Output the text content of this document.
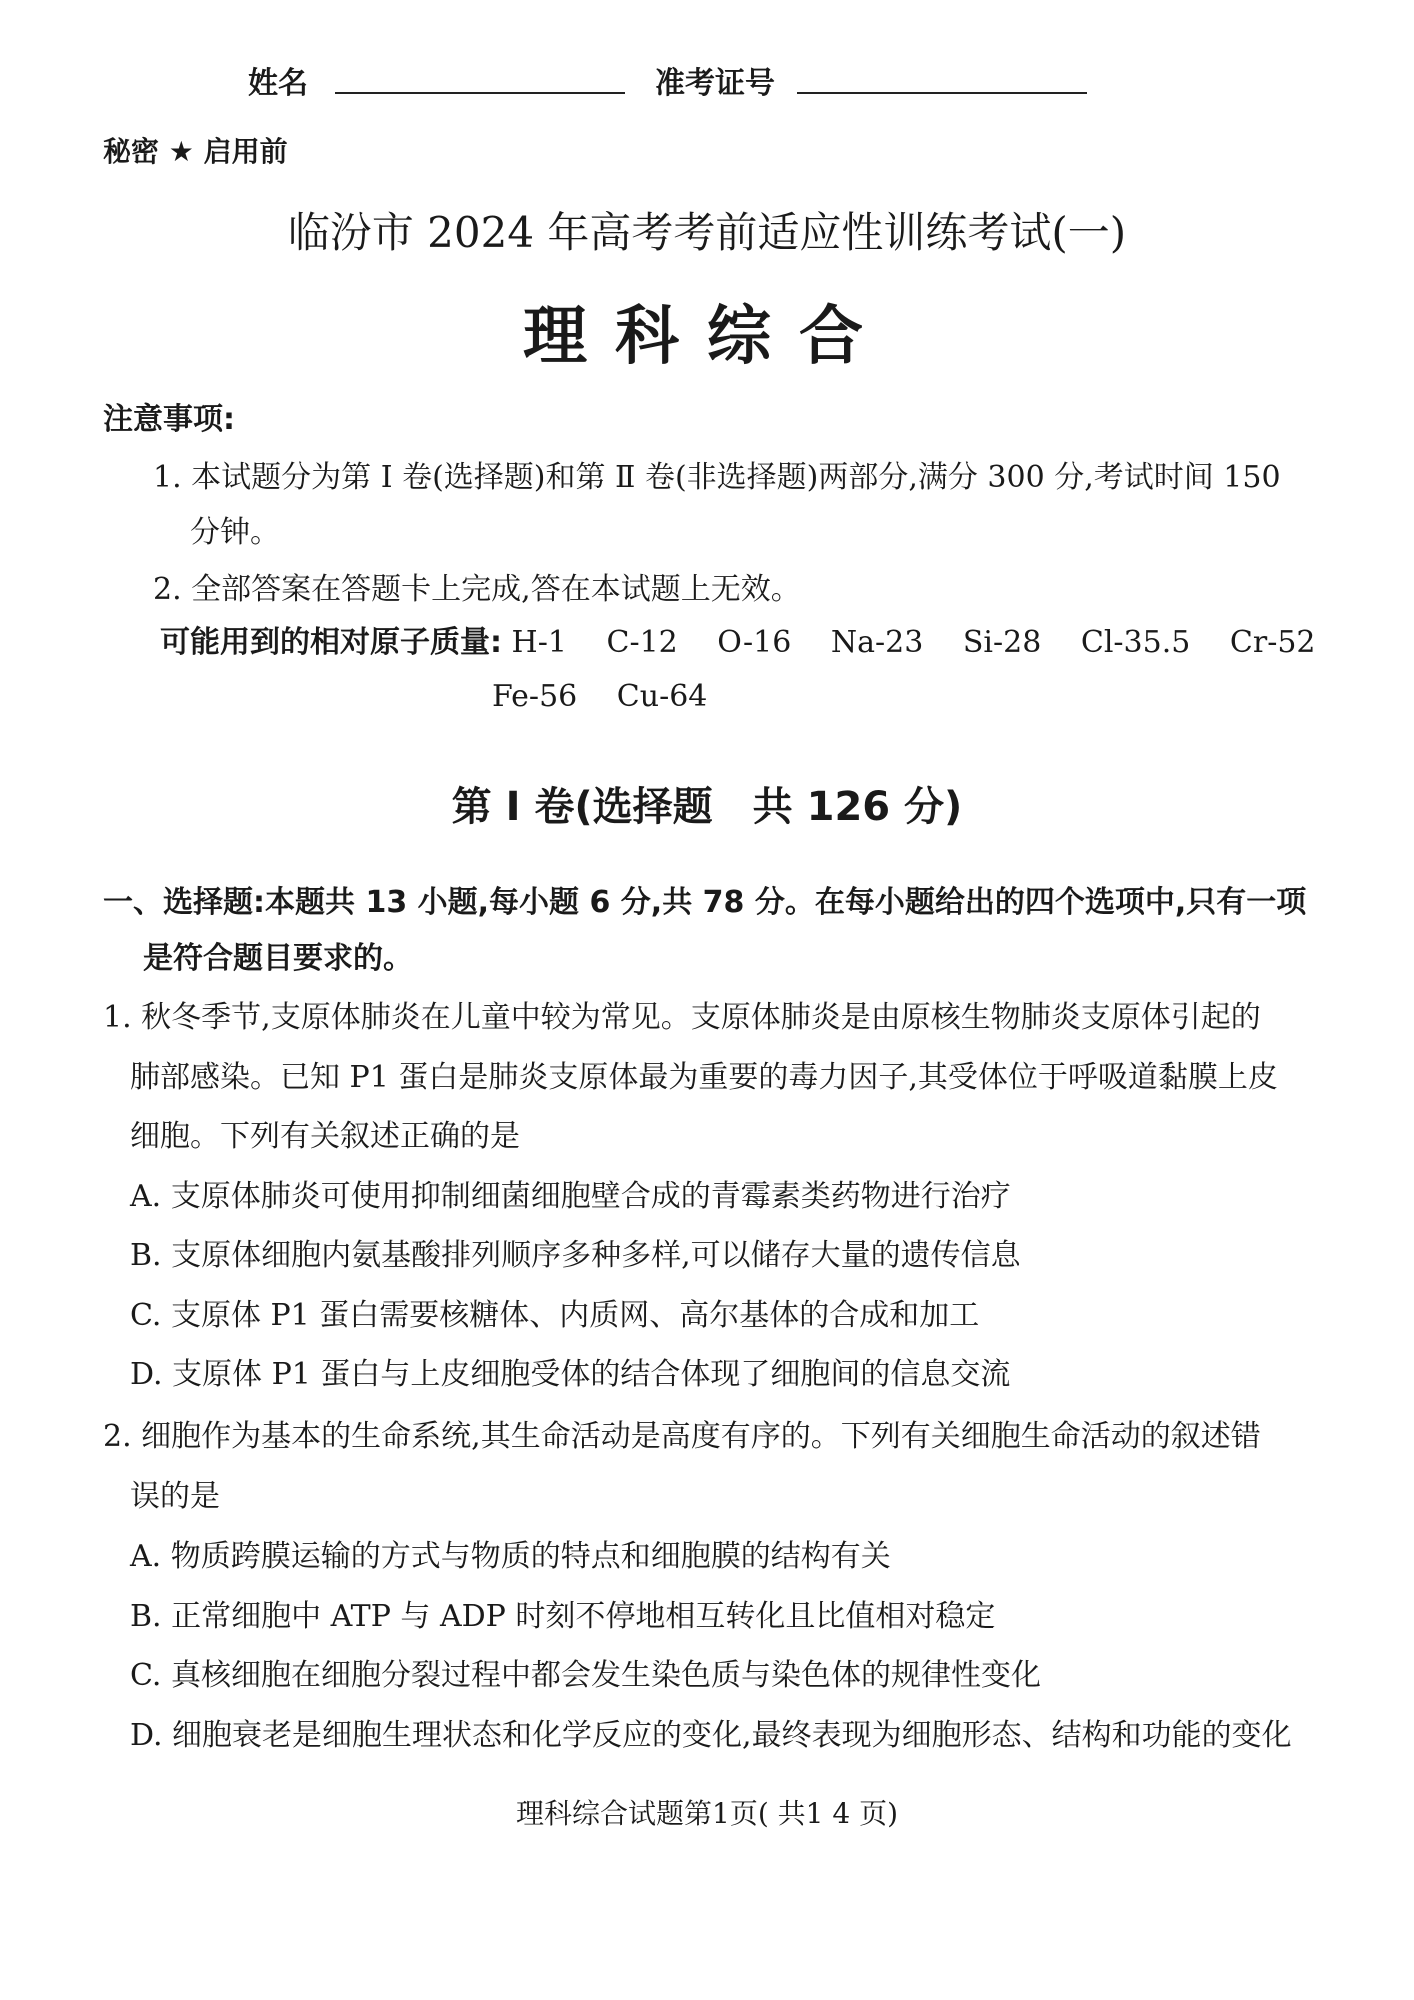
姓名	准考证号
秘密 ★ 启用前
临汾市 2024 年高考考前适应性训练考试(一)
理科综合
注意事项:
1. 本试题分为第 Ⅰ 卷(选择题)和第 Ⅱ 卷(非选择题)两部分,满分 300 分,考试时间 150
分钟。
2. 全部答案在答题卡上完成,答在本试题上无效。
可能用到的相对原子质量: H-1 C-12 O-16 Na-23 Si-28 Cl-35.5 Cr-52
Fe-56 Cu-64
第 Ⅰ 卷(选择题　共 126 分)
一、选择题:本题共 13 小题,每小题 6 分,共 78 分。在每小题给出的四个选项中,只有一项
是符合题目要求的。
1. 秋冬季节,支原体肺炎在儿童中较为常见。支原体肺炎是由原核生物肺炎支原体引起的
肺部感染。已知 P1 蛋白是肺炎支原体最为重要的毒力因子,其受体位于呼吸道黏膜上皮
细胞。下列有关叙述正确的是
A. 支原体肺炎可使用抑制细菌细胞壁合成的青霉素类药物进行治疗
B. 支原体细胞内氨基酸排列顺序多种多样,可以储存大量的遗传信息
C. 支原体 P1 蛋白需要核糖体、内质网、高尔基体的合成和加工
D. 支原体 P1 蛋白与上皮细胞受体的结合体现了细胞间的信息交流
2. 细胞作为基本的生命系统,其生命活动是高度有序的。下列有关细胞生命活动的叙述错
误的是
A. 物质跨膜运输的方式与物质的特点和细胞膜的结构有关
B. 正常细胞中 ATP 与 ADP 时刻不停地相互转化且比值相对稳定
C. 真核细胞在细胞分裂过程中都会发生染色质与染色体的规律性变化
D. 细胞衰老是细胞生理状态和化学反应的变化,最终表现为细胞形态、结构和功能的变化
理科综合试题第1页( 共1 4 页)
